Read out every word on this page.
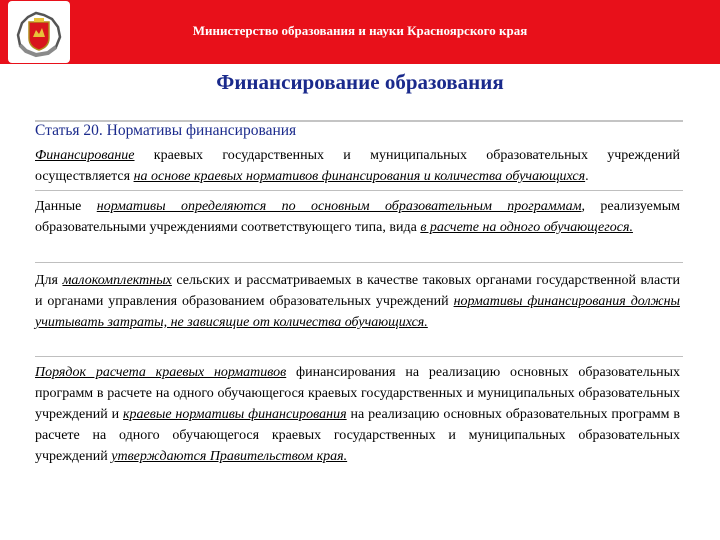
Министерство образования и науки Красноярского края
Финансирование образования
Статья 20. Нормативы финансирования

Финансирование краевых государственных и муниципальных образовательных учреждений осуществляется на основе краевых нормативов финансирования и количества обучающихся.

Данные нормативы определяются по основным образовательным программам, реализуемым образовательными учреждениями соответствующего типа, вида в расчете на одного обучающегося.

Для малокомплектных сельских и рассматриваемых в качестве таковых органами государственной власти и органами управления образованием образовательных учреждений нормативы финансирования должны учитывать затраты, не зависящие от количества обучающихся.

Порядок расчета краевых нормативов финансирования на реализацию основных образовательных программ в расчете на одного обучающегося краевых государственных и муниципальных образовательных учреждений и краевые нормативы финансирования на реализацию основных образовательных программ в расчете на одного обучающегося краевых государственных и муниципальных образовательных учреждений утверждаются Правительством края.
